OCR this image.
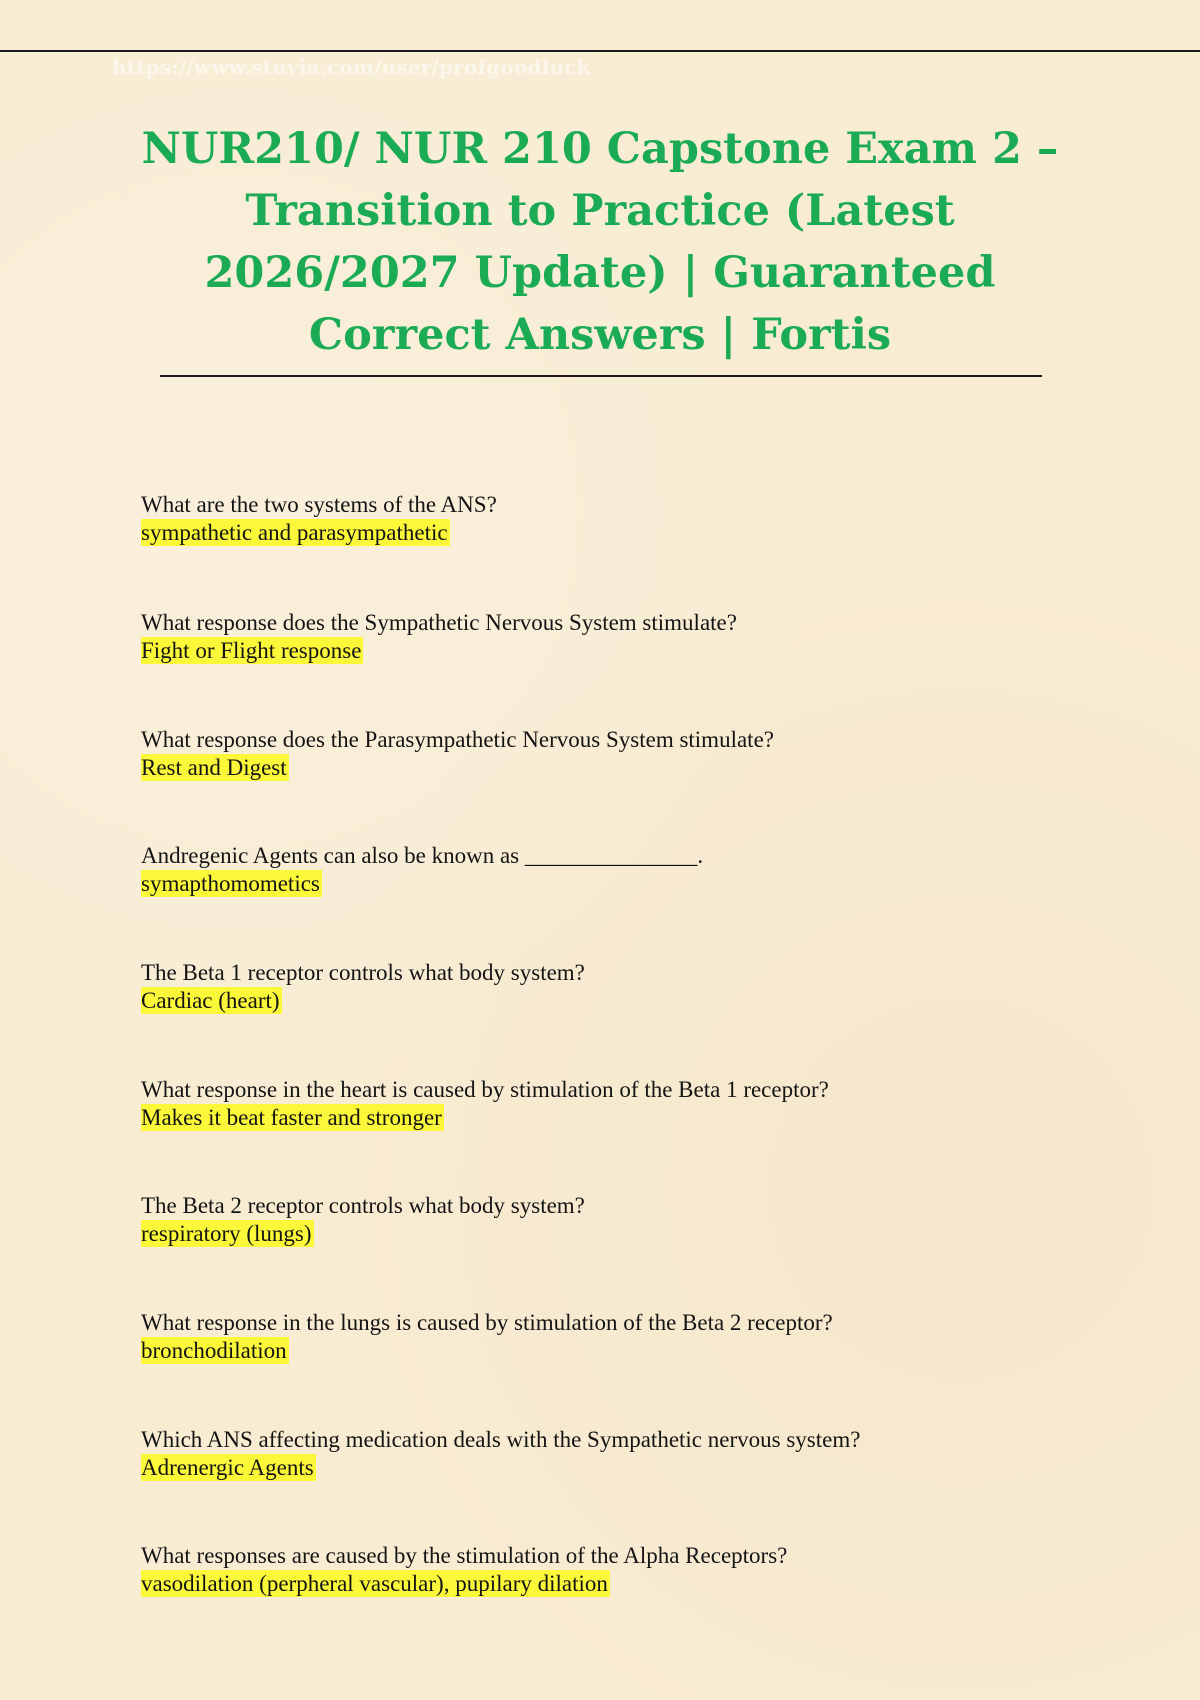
https://www.stuvia.com/user/profgoodluck
NUR210/ NUR 210 Capstone Exam 2 –
Transition to Practice (Latest
2026/2027 Update) | Guaranteed
Correct Answers | Fortis
What are the two systems of the ANS?
sympathetic and parasympathetic
What response does the Sympathetic Nervous System stimulate?
Fight or Flight response
What response does the Parasympathetic Nervous System stimulate?
Rest and Digest
Andregenic Agents can also be known as _______________.
symapthomometics
The Beta 1 receptor controls what body system?
Cardiac (heart)
What response in the heart is caused by stimulation of the Beta 1 receptor?
Makes it beat faster and stronger
The Beta 2 receptor controls what body system?
respiratory (lungs)
What response in the lungs is caused by stimulation of the Beta 2 receptor?
bronchodilation
Which ANS affecting medication deals with the Sympathetic nervous system?
Adrenergic Agents
What responses are caused by the stimulation of the Alpha Receptors?
vasodilation (perpheral vascular), pupilary dilation
